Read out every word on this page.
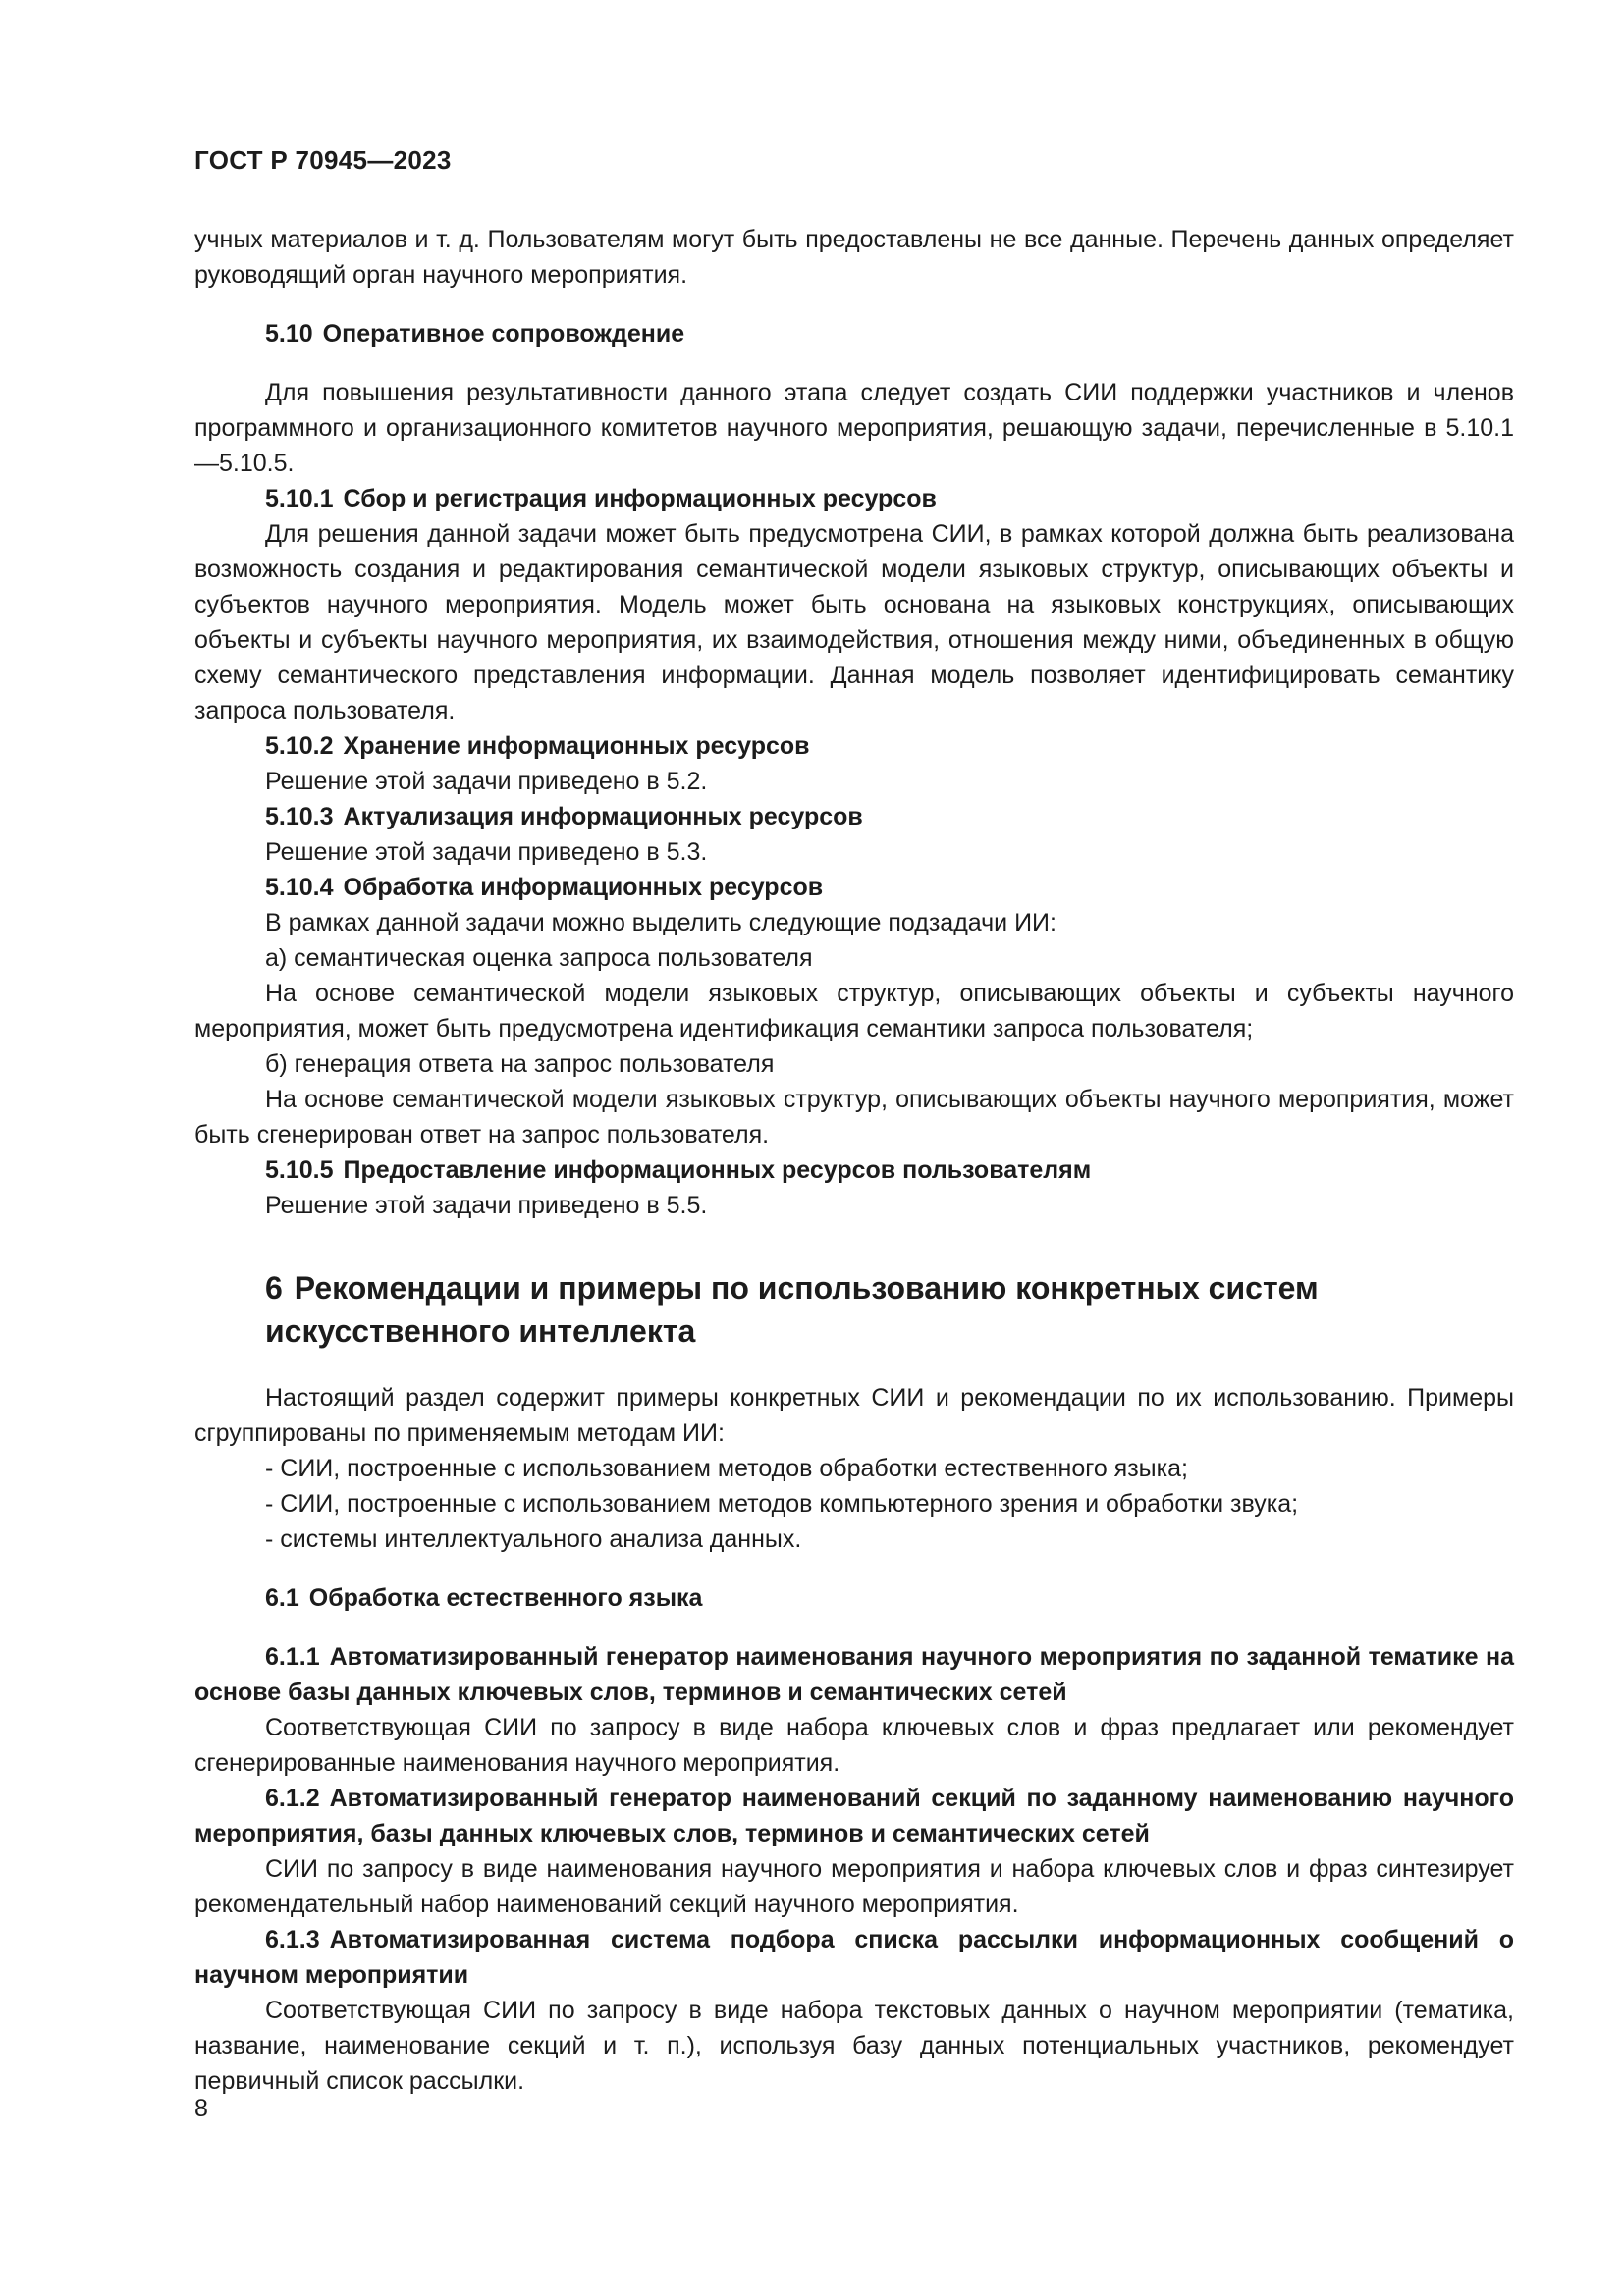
ГОСТ Р 70945—2023

учных материалов и т. д. Пользователям могут быть предоставлены не все данные. Перечень данных определяет руководящий орган научного мероприятия.

5.10 Оперативное сопровождение

Для повышения результативности данного этапа следует создать СИИ поддержки участников и членов программного и организационного комитетов научного мероприятия, решающую задачи, перечисленные в 5.10.1—5.10.5.

5.10.1 Сбор и регистрация информационных ресурсов

Для решения данной задачи может быть предусмотрена СИИ, в рамках которой должна быть реализована возможность создания и редактирования семантической модели языковых структур, описывающих объекты и субъектов научного мероприятия. Модель может быть основана на языковых конструкциях, описывающих объекты и субъекты научного мероприятия, их взаимодействия, отношения между ними, объединенных в общую схему семантического представления информации. Данная модель позволяет идентифицировать семантику запроса пользователя.

5.10.2 Хранение информационных ресурсов

Решение этой задачи приведено в 5.2.

5.10.3 Актуализация информационных ресурсов

Решение этой задачи приведено в 5.3.

5.10.4 Обработка информационных ресурсов

В рамках данной задачи можно выделить следующие подзадачи ИИ:

а) семантическая оценка запроса пользователя

На основе семантической модели языковых структур, описывающих объекты и субъекты научного мероприятия, может быть предусмотрена идентификация семантики запроса пользователя;

б) генерация ответа на запрос пользователя

На основе семантической модели языковых структур, описывающих объекты научного мероприятия, может быть сгенерирован ответ на запрос пользователя.

5.10.5 Предоставление информационных ресурсов пользователям

Решение этой задачи приведено в 5.5.

6 Рекомендации и примеры по использованию конкретных систем искусственного интеллекта

Настоящий раздел содержит примеры конкретных СИИ и рекомендации по их использованию. Примеры сгруппированы по применяемым методам ИИ:

- СИИ, построенные с использованием методов обработки естественного языка;

- СИИ, построенные с использованием методов компьютерного зрения и обработки звука;

- системы интеллектуального анализа данных.

6.1 Обработка естественного языка

6.1.1 Автоматизированный генератор наименования научного мероприятия по заданной тематике на основе базы данных ключевых слов, терминов и семантических сетей

Соответствующая СИИ по запросу в виде набора ключевых слов и фраз предлагает или рекомендует сгенерированные наименования научного мероприятия.

6.1.2 Автоматизированный генератор наименований секций по заданному наименованию научного мероприятия, базы данных ключевых слов, терминов и семантических сетей

СИИ по запросу в виде наименования научного мероприятия и набора ключевых слов и фраз синтезирует рекомендательный набор наименований секций научного мероприятия.

6.1.3 Автоматизированная система подбора списка рассылки информационных сообщений о научном мероприятии

Соответствующая СИИ по запросу в виде набора текстовых данных о научном мероприятии (тематика, название, наименование секций и т. п.), используя базу данных потенциальных участников, рекомендует первичный список рассылки.

8
